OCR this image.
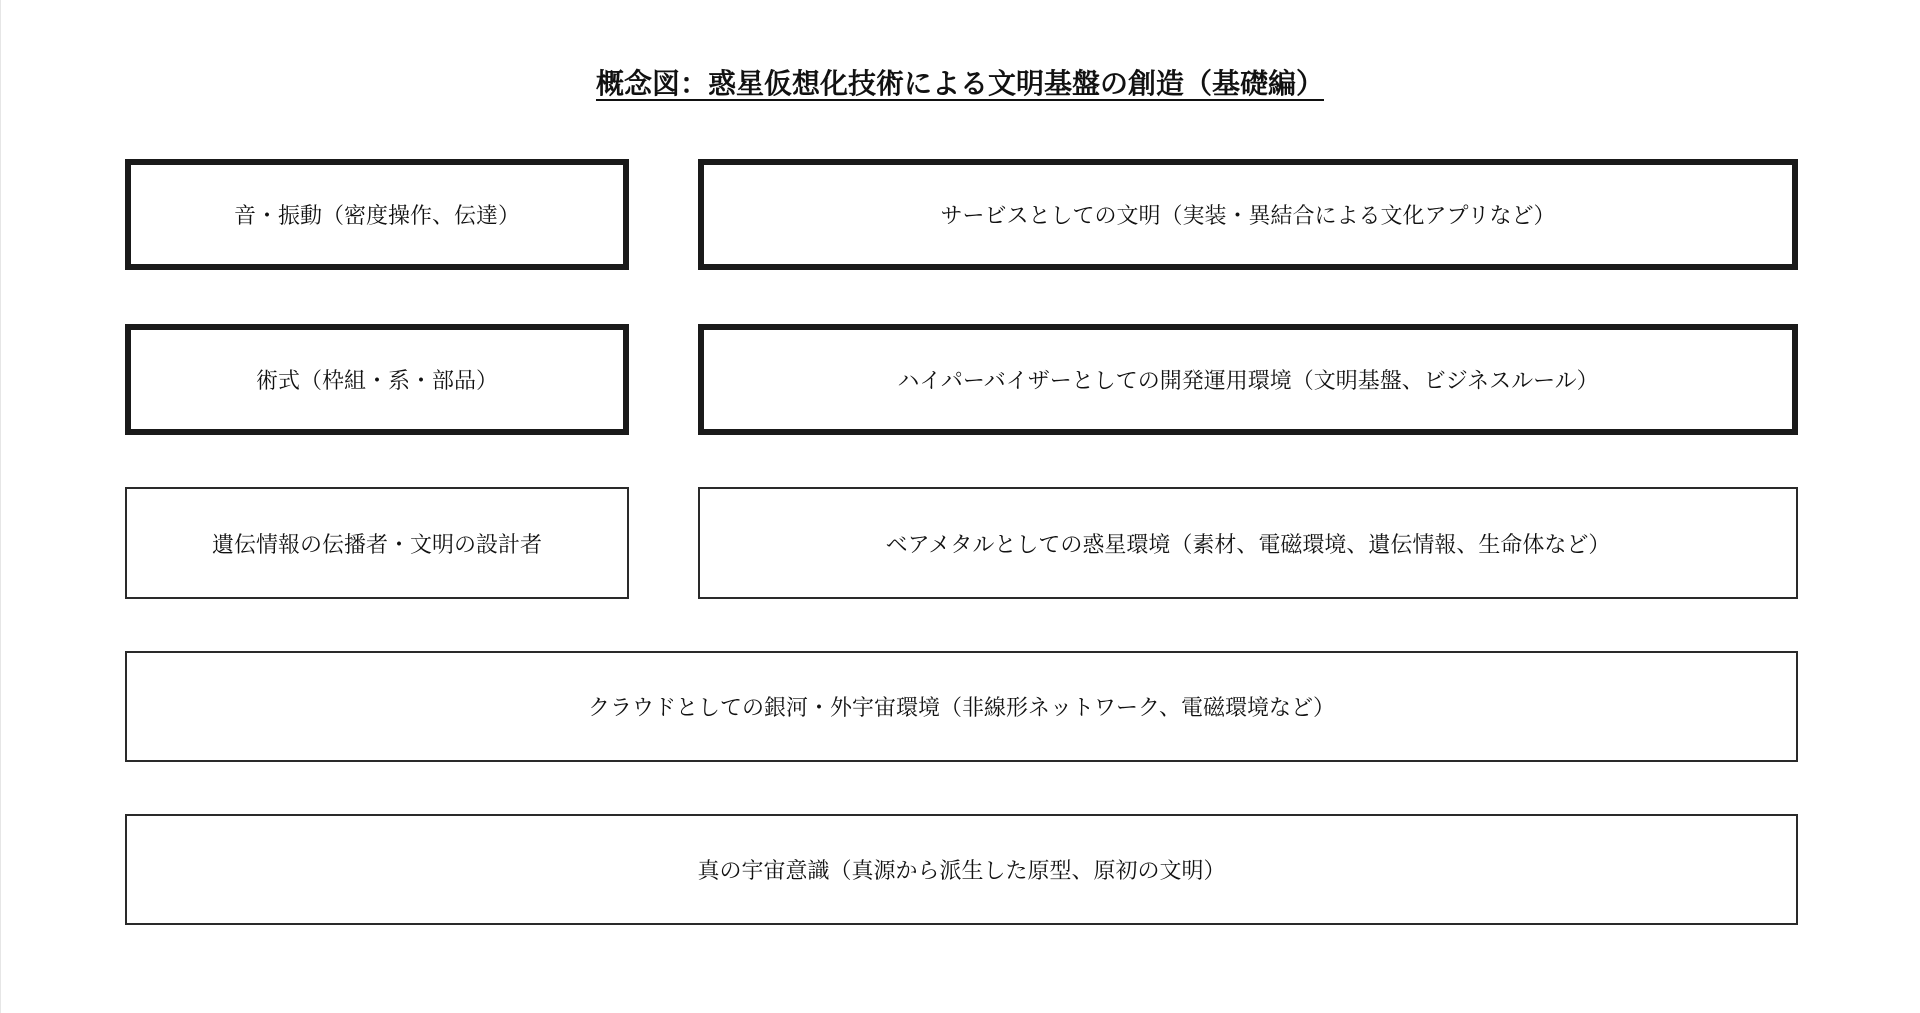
概念図：惑星仮想化技術による文明基盤の創造（基礎編）
音・振動（密度操作、伝達）	サービスとしての文明（実装・異結合による文化アプリなど）
術式（枠組・系・部品）	ハイパーバイザーとしての開発運用環境（文明基盤、ビジネスルール）
遺伝情報の伝播者・文明の設計者	ベアメタルとしての惑星環境（素材、電磁環境、遺伝情報、生命体など）
クラウドとしての銀河・外宇宙環境（非線形ネットワーク、電磁環境など）
真の宇宙意識（真源から派生した原型、原初の文明）
